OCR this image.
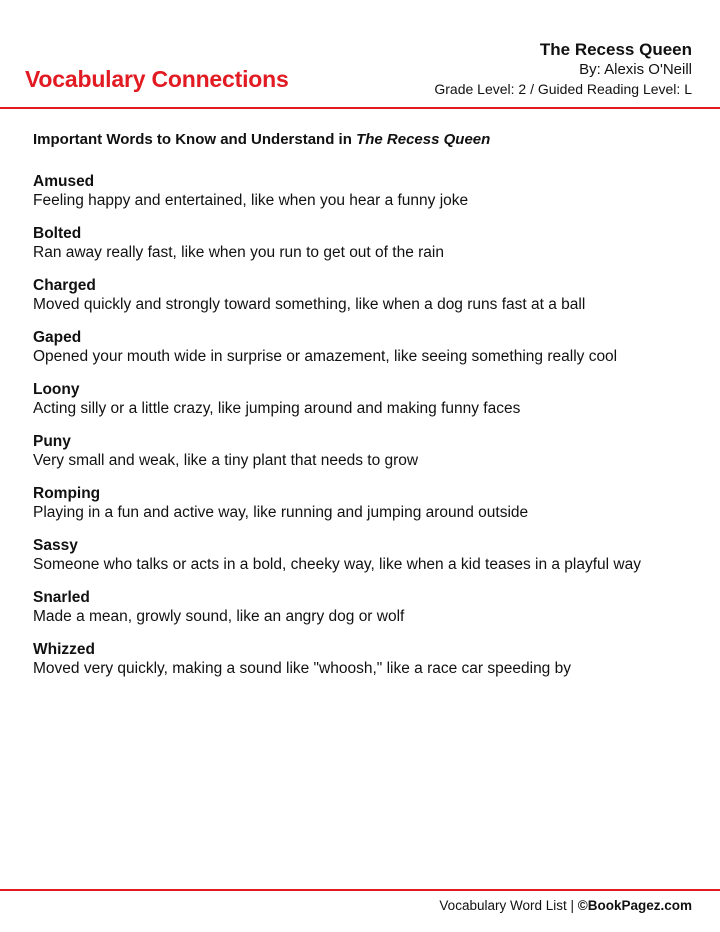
Vocabulary Connections
The Recess Queen
By: Alexis O'Neill
Grade Level: 2 / Guided Reading Level: L
Important Words to Know and Understand in The Recess Queen
Amused
Feeling happy and entertained, like when you hear a funny joke
Bolted
Ran away really fast, like when you run to get out of the rain
Charged
Moved quickly and strongly toward something, like when a dog runs fast at a ball
Gaped
Opened your mouth wide in surprise or amazement, like seeing something really cool
Loony
Acting silly or a little crazy, like jumping around and making funny faces
Puny
Very small and weak, like a tiny plant that needs to grow
Romping
Playing in a fun and active way, like running and jumping around outside
Sassy
Someone who talks or acts in a bold, cheeky way, like when a kid teases in a playful way
Snarled
Made a mean, growly sound, like an angry dog or wolf
Whizzed
Moved very quickly, making a sound like "whoosh," like a race car speeding by
Vocabulary Word List | ©BookPagez.com
